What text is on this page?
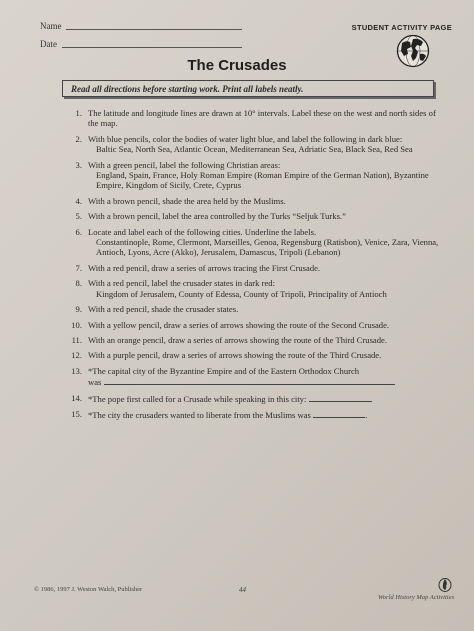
Name
Date
STUDENT ACTIVITY PAGE
The Crusades
Read all directions before starting work. Print all labels neatly.
1. The latitude and longitude lines are drawn at 10° intervals. Label these on the west and north sides of the map.
2. With blue pencils, color the bodies of water light blue, and label the following in dark blue:
Baltic Sea, North Sea, Atlantic Ocean, Mediterranean Sea, Adriatic Sea, Black Sea, Red Sea
3. With a green pencil, label the following Christian areas:
England, Spain, France, Holy Roman Empire (Roman Empire of the German Nation), Byzantine Empire, Kingdom of Sicily, Crete, Cyprus
4. With a brown pencil, shade the area held by the Muslims.
5. With a brown pencil, label the area controlled by the Turks “Seljuk Turks.”
6. Locate and label each of the following cities. Underline the labels.
Constantinople, Rome, Clermont, Marseilles, Genoa, Regensburg (Ratisbon), Venice, Zara, Vienna, Antioch, Lyons, Acre (Akko), Jerusalem, Damascus, Tripoli (Lebanon)
7. With a red pencil, draw a series of arrows tracing the First Crusade.
8. With a red pencil, label the crusader states in dark red:
Kingdom of Jerusalem, County of Edessa, County of Tripoli, Principality of Antioch
9. With a red pencil, shade the crusader states.
10. With a yellow pencil, draw a series of arrows showing the route of the Second Crusade.
11. With an orange pencil, draw a series of arrows showing the route of the Third Crusade.
12. With a purple pencil, draw a series of arrows showing the route of the Third Crusade.
13. *The capital city of the Byzantine Empire and of the Eastern Orthodox Church
was	.
14. *The pope first called for a Crusade while speaking in this city:	.
15. *The city the crusaders wanted to liberate from the Muslims was	.
© 1986, 1997 J. Weston Walch, Publisher	44
World History Map Activities
